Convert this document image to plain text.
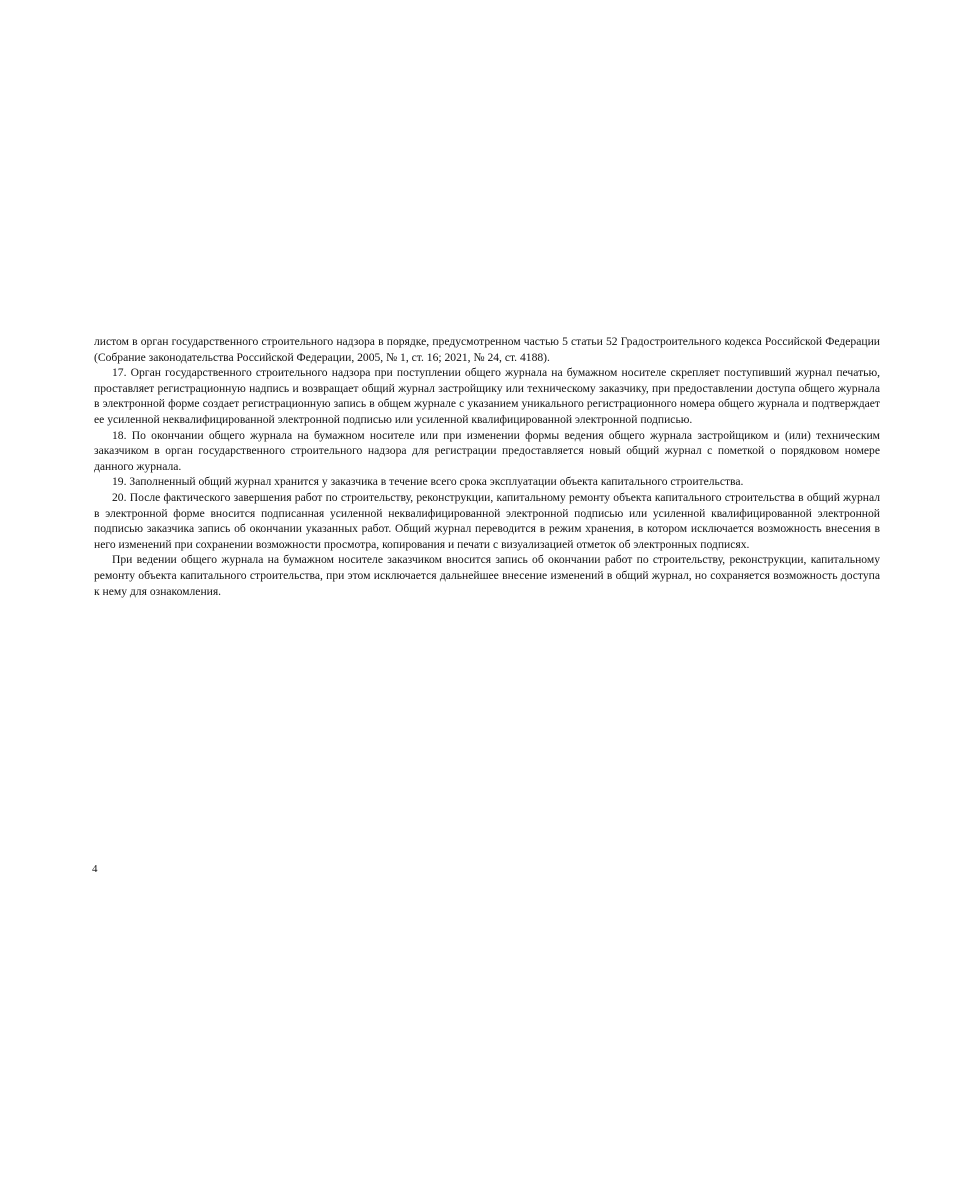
листом в орган государственного строительного надзора в порядке, предусмотренном частью 5 статьи 52 Градостроительного кодекса Российской Федерации (Собрание законодательства Российской Федерации, 2005, № 1, ст. 16; 2021, № 24, ст. 4188).

17. Орган государственного строительного надзора при поступлении общего журнала на бумажном носителе скрепляет поступивший журнал печатью, проставляет регистрационную надпись и возвращает общий журнал застройщику или техническому заказчику, при предоставлении доступа общего журнала в электронной форме создает регистрационную запись в общем журнале с указанием уникального регистрационного номера общего журнала и подтверждает ее усиленной неквалифицированной электронной подписью или усиленной квалифицированной электронной подписью.

18. По окончании общего журнала на бумажном носителе или при изменении формы ведения общего журнала застройщиком и (или) техническим заказчиком в орган государственного строительного надзора для регистрации предоставляется новый общий журнал с пометкой о порядковом номере данного журнала.

19. Заполненный общий журнал хранится у заказчика в течение всего срока эксплуатации объекта капитального строительства.

20. После фактического завершения работ по строительству, реконструкции, капитальному ремонту объекта капитального строительства в общий журнал в электронной форме вносится подписанная усиленной неквалифицированной электронной подписью или усиленной квалифицированной электронной подписью заказчика запись об окончании указанных работ. Общий журнал переводится в режим хранения, в котором исключается возможность внесения в него изменений при сохранении возможности просмотра, копирования и печати с визуализацией отметок об электронных подписях.

При ведении общего журнала на бумажном носителе заказчиком вносится запись об окончании работ по строительству, реконструкции, капитальному ремонту объекта капитального строительства, при этом исключается дальнейшее внесение изменений в общий журнал, но сохраняется возможность доступа к нему для ознакомления.

4
